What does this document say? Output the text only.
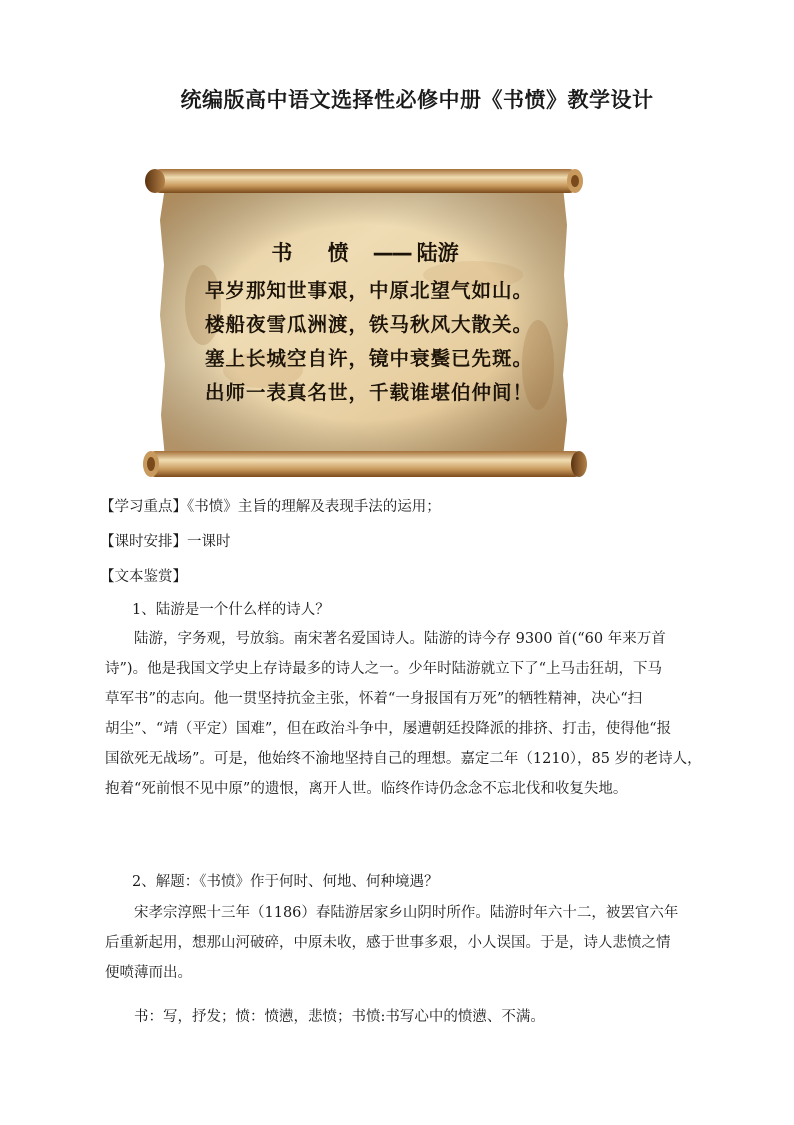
统编版高中语文选择性必修中册《书愤》教学设计
书 愤 —— 陆游
早岁那知世事艰，中原北望气如山。
楼船夜雪瓜洲渡，铁马秋风大散关。
塞上长城空自许，镜中衰鬓已先斑。
出师一表真名世，千载谁堪伯仲间！
【学习重点】《书愤》主旨的理解及表现手法的运用；
【课时安排】一课时
【文本鉴赏】
1、陆游是一个什么样的诗人？
陆游，字务观，号放翁。南宋著名爱国诗人。陆游的诗今存 9300 首(“60 年来万首
诗”)。他是我国文学史上存诗最多的诗人之一。少年时陆游就立下了“上马击狂胡，下马
草军书”的志向。他一贯坚持抗金主张，怀着“一身报国有万死”的牺牲精神，决心“扫
胡尘”、“靖（平定）国难”，但在政治斗争中，屡遭朝廷投降派的排挤、打击，使得他“报
国欲死无战场”。可是，他始终不渝地坚持自己的理想。嘉定二年（1210），85 岁的老诗人，
抱着“死前恨不见中原”的遗恨，离开人世。临终作诗仍念念不忘北伐和收复失地。
2、解题：《书愤》作于何时、何地、何种境遇？
宋孝宗淳熙十三年（1186）春陆游居家乡山阴时所作。陆游时年六十二，被罢官六年
后重新起用，想那山河破碎，中原未收，感于世事多艰，小人误国。于是，诗人悲愤之情
便喷薄而出。
书：写，抒发；愤：愤懑，悲愤；书愤:书写心中的愤懑、不满。
